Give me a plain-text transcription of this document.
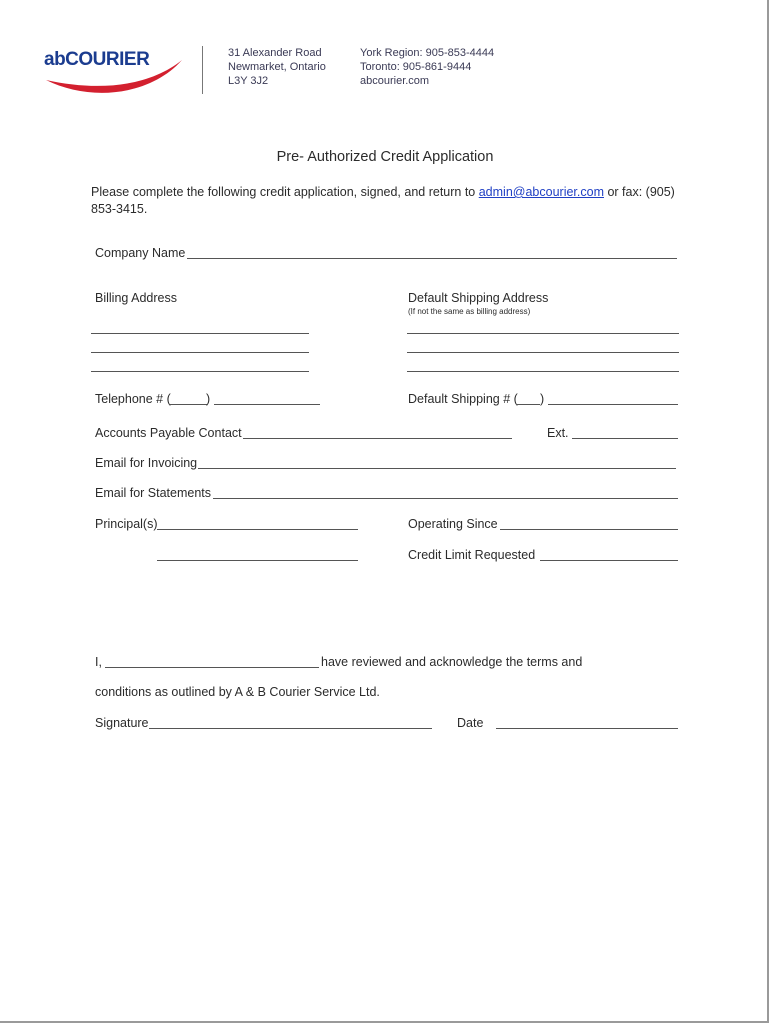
abCOURIER	31 Alexander Road
Newmarket, Ontario
L3Y 3J2
York Region: 905-853-4444
Toronto: 905-861-9444
abcourier.com
Pre- Authorized Credit Application
Please complete the following credit application, signed, and return to admin@abcourier.com or fax: (905)
853-3415.
Company Name
Billing Address	Default Shipping Address
(If not the same as billing address)
Telephone # (	)	Default Shipping # ( )
Accounts Payable Contact	Ext.
Email for Invoicing
Email for Statements
Principal(s)	Operating Since
Credit Limit Requested
I,	have reviewed and acknowledge the terms and
conditions as outlined by A & B Courier Service Ltd.
Signature	Date
